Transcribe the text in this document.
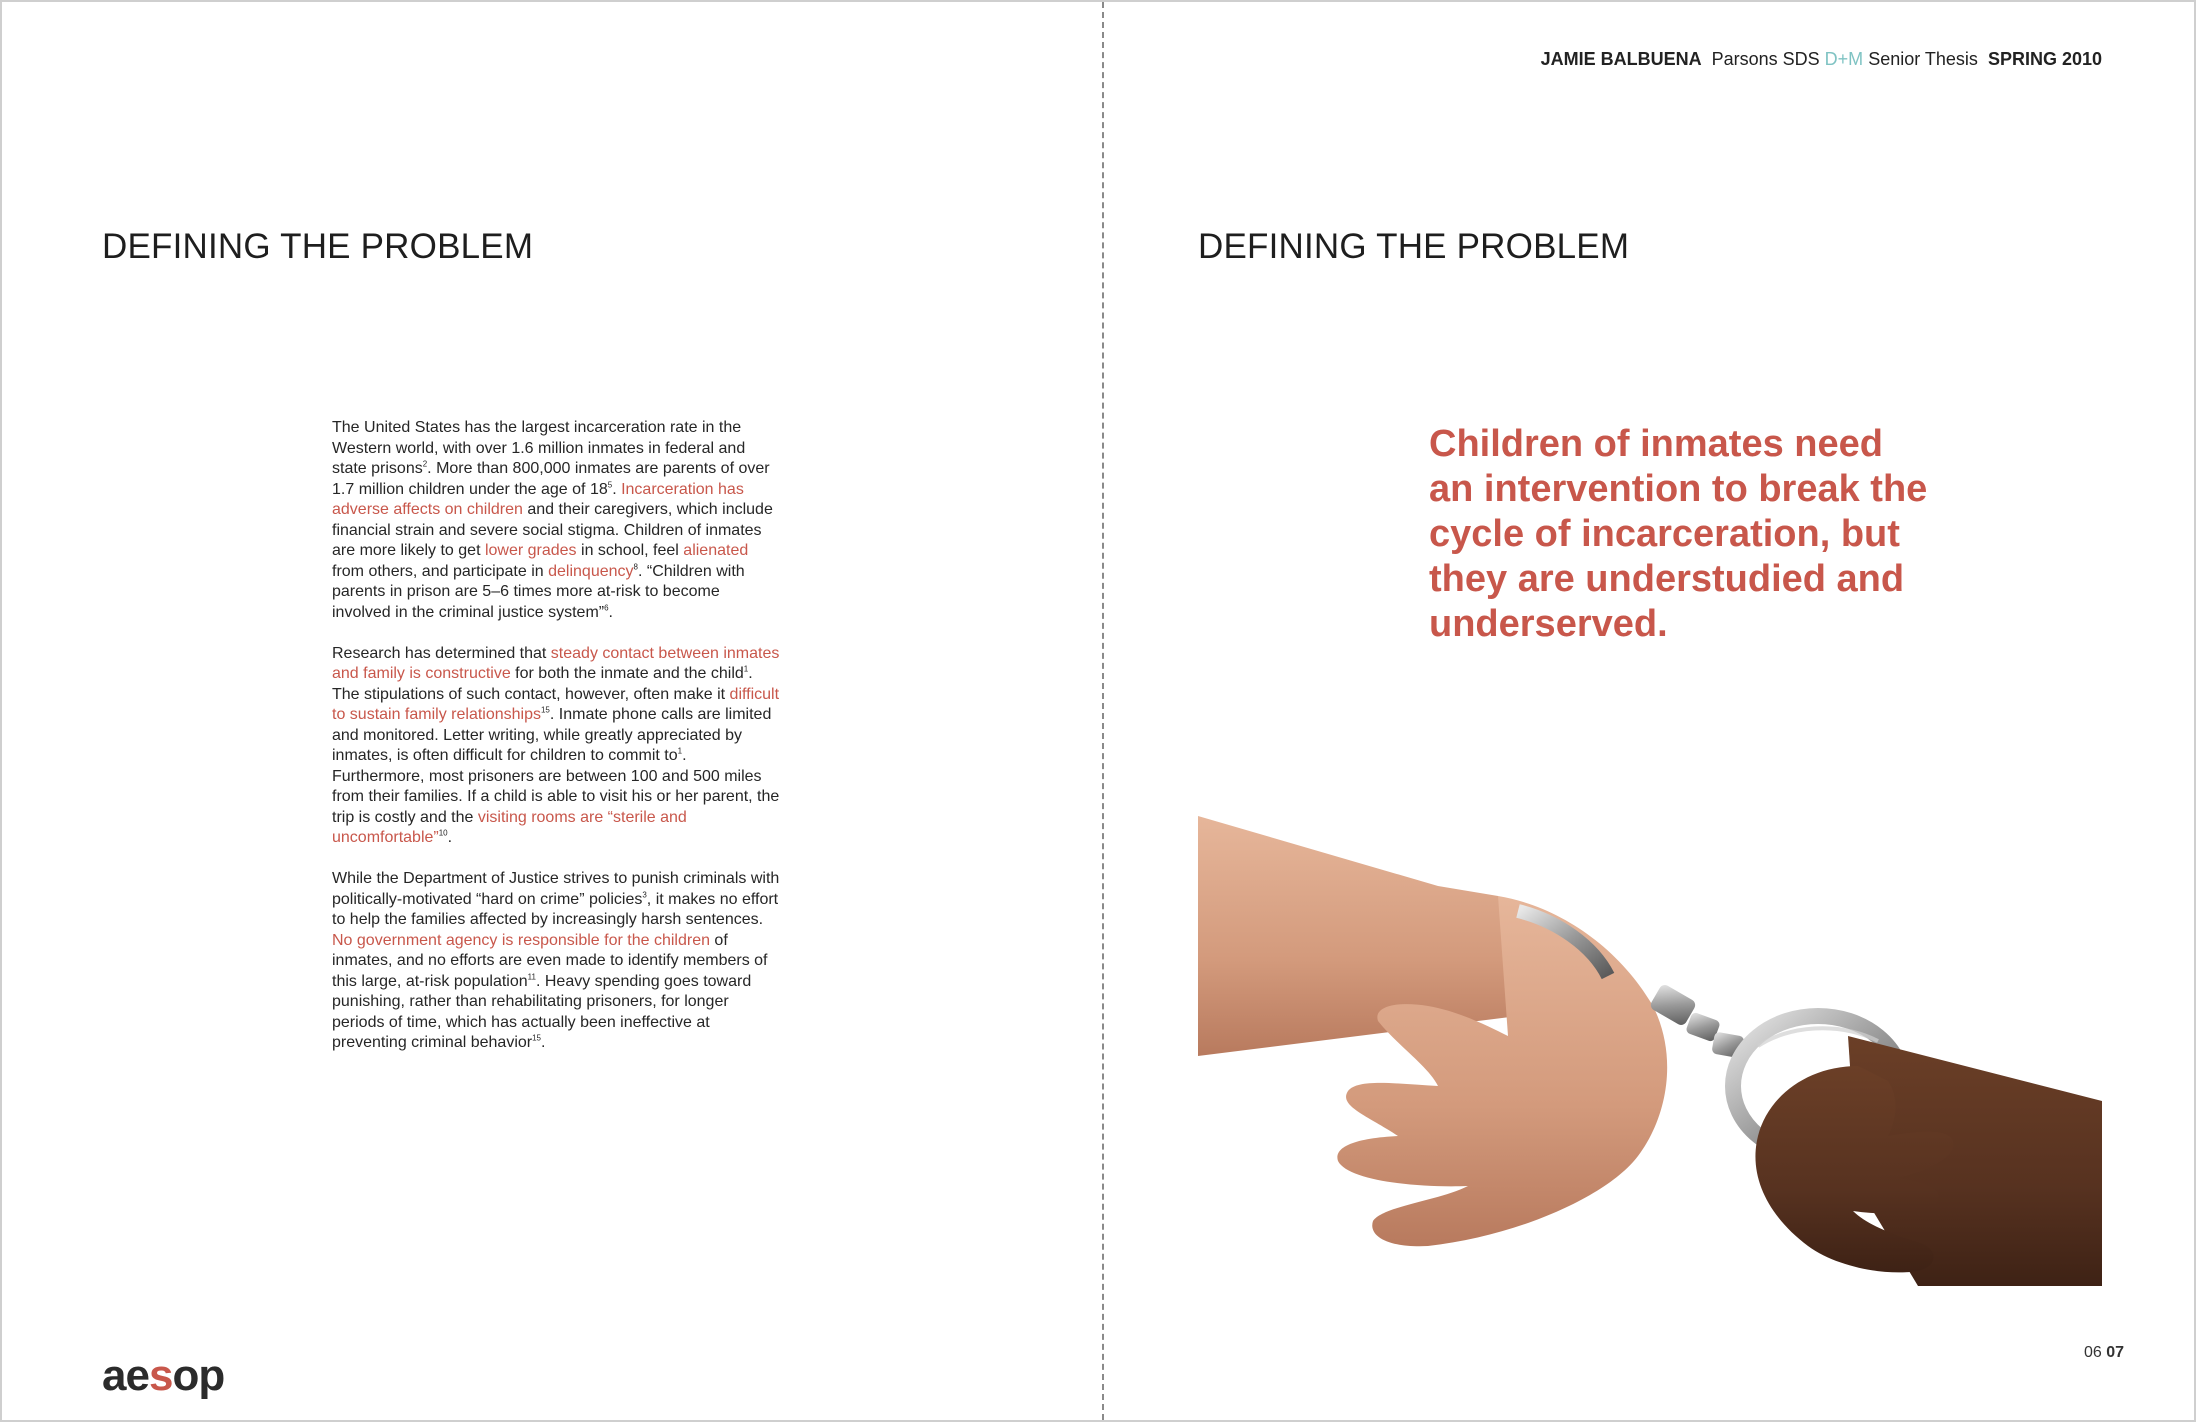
DEFINING THE PROBLEM

The United States has the largest incarceration rate in the Western world, with over 1.6 million inmates in federal and state prisons$^2$. More than 800,000 inmates are parents of over 1.7 million children under the age of $18^5$. Incarceration has adverse affects on children and their caregivers, which include financial strain and severe social stigma. Children of inmates are more likely to get lower grades in school, feel alienated from others, and participate in delinquency$^8$. “Children with parents in prison are 5–6 times more at-risk to become involved in the criminal justice system”$^6$.

Research has determined that steady contact between inmates and family is constructive for both the inmate and the child$^1$. The stipulations of such contact, however, often make it difficult to sustain family relationships$^{15}$. Inmate phone calls are limited and monitored. Letter writing, while greatly appreciated by inmates, is often difficult for children to commit $to^1$. Furthermore, most prisoners are between 100 and 500 miles from their families. If a child is able to visit his or her parent, the trip is costly and the visiting rooms are “sterile and uncomfortable”$^{10}$.

While the Department of Justice strives to punish criminals with politically-motivated “hard on crime” policies$^3$, it makes no effort to help the families affected by increasingly harsh sentences. No government agency is responsible for the children of inmates, and no efforts are even made to identify members of this large, at-risk population$^{11}$. Heavy spending goes toward punishing, rather than rehabilitating prisoners, for longer periods of time, which has actually been ineffective at preventing criminal behavior$^{15}$.

aesop
JAMIE BALBUENA Parsons SDS D+M Senior Thesis SPRING 2010
DEFINING THE PROBLEM

Children of inmates need an intervention to break the cycle of incarceration, but they are understudied and underserved.

06 07
